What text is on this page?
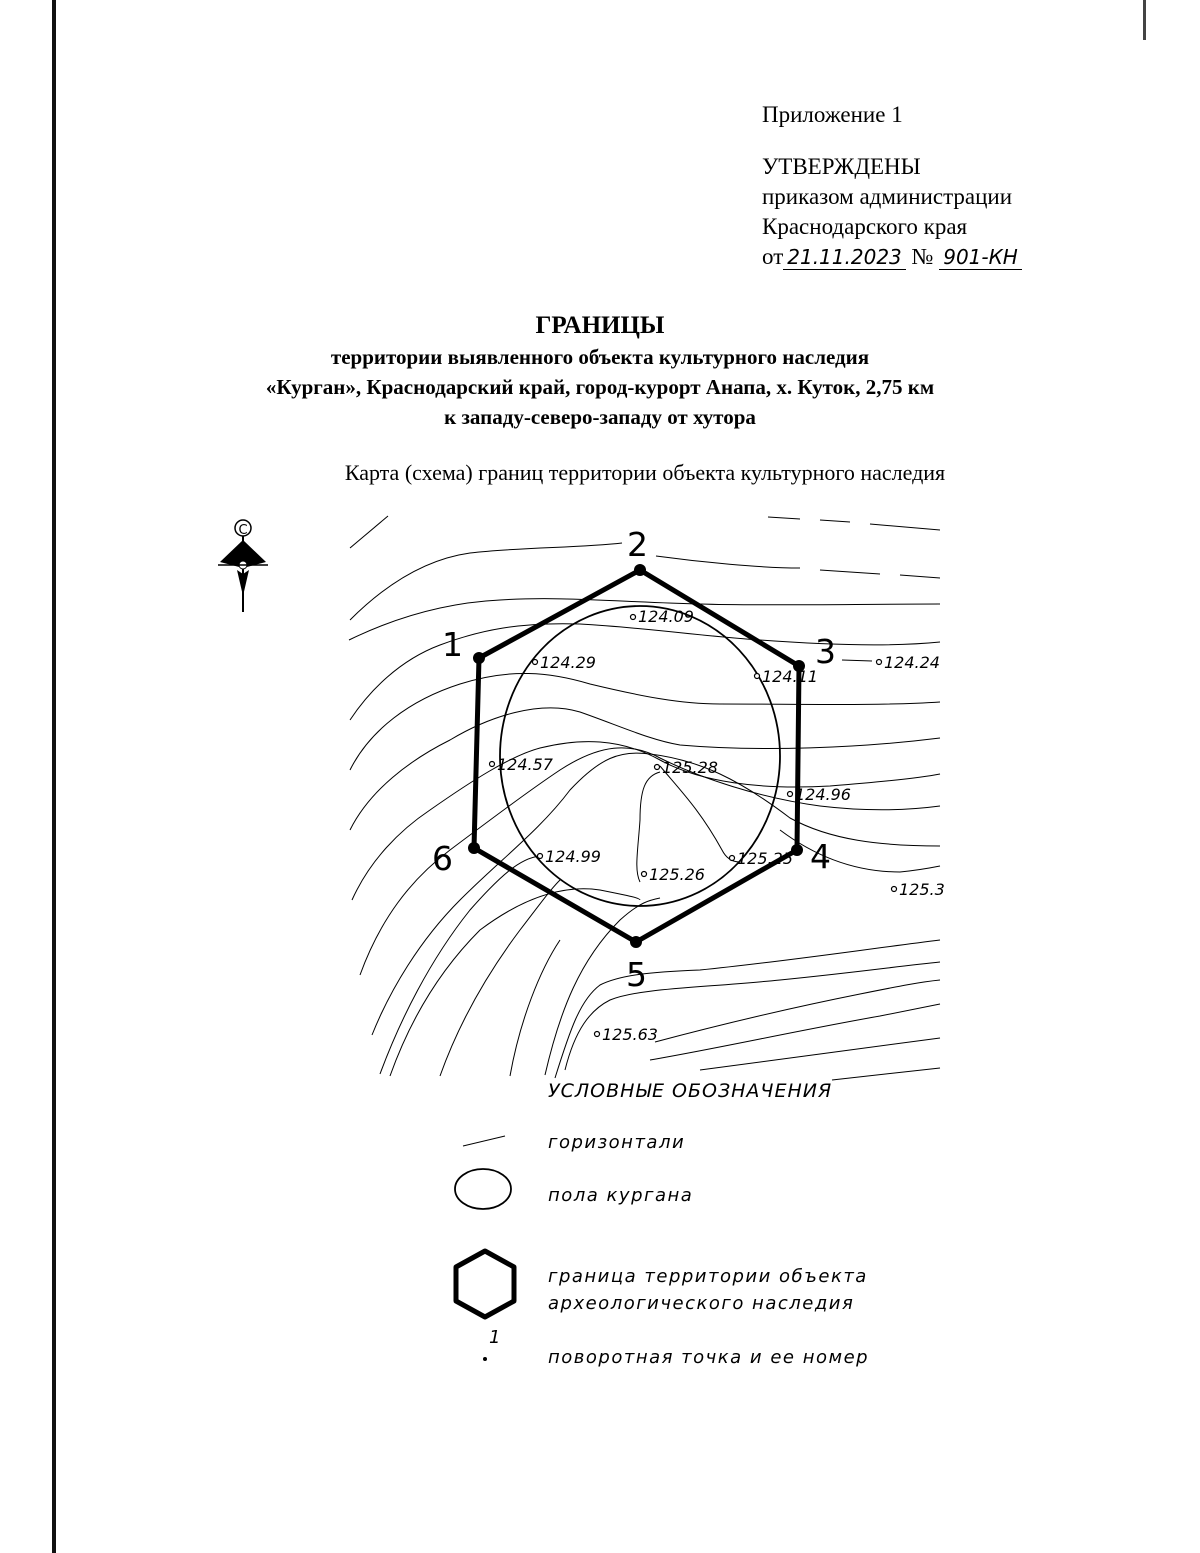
Приложение 1
УТВЕРЖДЕНЫ
приказом администрации
Краснодарского края
от 21.11.2023 № 901-КН
ГРАНИЦЫ
территории выявленного объекта культурного наследия
«Курган», Краснодарский край, город-курорт Анапа, х. Куток, 2,75 км
к западу-северо-западу от хутора
Карта (схема) границ территории объекта культурного наследия
С
1
2
3
4
5
6
124.09
124.29
124.11
124.24
124.57	125.28
124.96
124.99
125.26
125.25
125.3
125.63
УСЛОВНЫЕ ОБОЗНАЧЕНИЯ
горизонтали
пола кургана
граница территории объекта
археологического наследия
1
поворотная точка и ее номер
